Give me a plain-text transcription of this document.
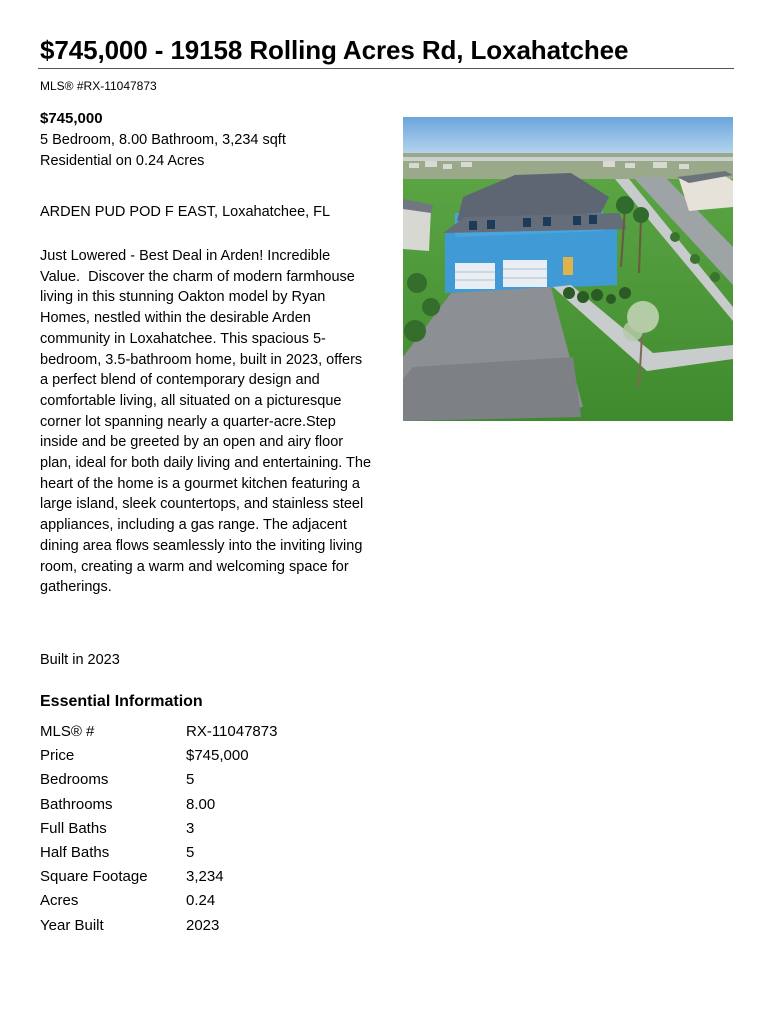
$745,000 - 19158 Rolling Acres Rd, Loxahatchee
MLS® #RX-11047873
$745,000
5 Bedroom, 8.00 Bathroom, 3,234 sqft
Residential on 0.24 Acres
ARDEN PUD POD F EAST, Loxahatchee, FL

Just Lowered - Best Deal in Arden! Incredible Value.  Discover the charm of modern farmhouse living in this stunning Oakton model by Ryan Homes, nestled within the desirable Arden community in Loxahatchee. This spacious 5-bedroom, 3.5-bathroom home, built in 2023, offers a perfect blend of contemporary design and comfortable living, all situated on a picturesque corner lot spanning nearly a quarter-acre.Step inside and be greeted by an open and airy floor plan, ideal for both daily living and entertaining. The heart of the home is a gourmet kitchen featuring a large island, sleek countertops, and stainless steel appliances, including a gas range. The adjacent dining area flows seamlessly into the inviting living room, creating a warm and welcoming space for gatherings.

Built in 2023
Essential Information
MLS® #	RX-11047873
Price	$745,000
Bedrooms	5
Bathrooms	8.00
Full Baths	3
Half Baths	5
Square Footage	3,234
Acres	0.24
Year Built	2023
